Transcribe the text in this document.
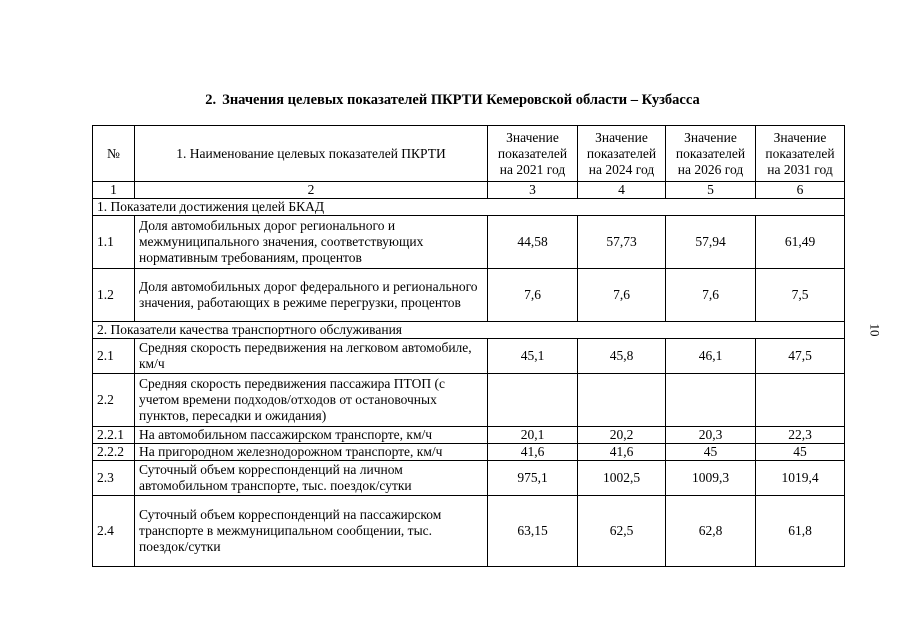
2. Значения целевых показателей ПКРТИ Кемеровской области – Кузбасса
№	1. Наименование целевых показателей ПКРТИ	Значение показателей на 2021 год	Значение показателей на 2024 год	Значение показателей на 2026 год	Значение показателей на 2031 год
1	2	3	4	5	6
1. Показатели достижения целей БКАД					
1.1	Доля автомобильных дорог регионального и межмуниципального значения, соответствующих нормативным требованиям, процентов	44,58	57,73	57,94	61,49
1.2	Доля автомобильных дорог федерального и регионального значения, работающих в режиме перегрузки, процентов	7,6	7,6	7,6	7,5
2. Показатели качества транспортного обслуживания					
2.1	Средняя скорость передвижения на легковом автомобиле, км/ч	45,1	45,8	46,1	47,5
2.2	Средняя скорость передвижения пассажира ПТОП (с учетом времени подходов/отходов от остановочных пунктов, пересадки и ожидания)				
2.2.1	На автомобильном пассажирском транспорте, км/ч	20,1	20,2	20,3	22,3
2.2.2	На пригородном железнодорожном транспорте, км/ч	41,6	41,6	45	45
2.3	Суточный объем корреспонденций на личном автомобильном транспорте, тыс. поездок/сутки	975,1	1002,5	1009,3	1019,4
2.4	Суточный объем корреспонденций на пассажирском транспорте в межмуниципальном сообщении, тыс. поездок/сутки	63,15	62,5	62,8	61,8
10
